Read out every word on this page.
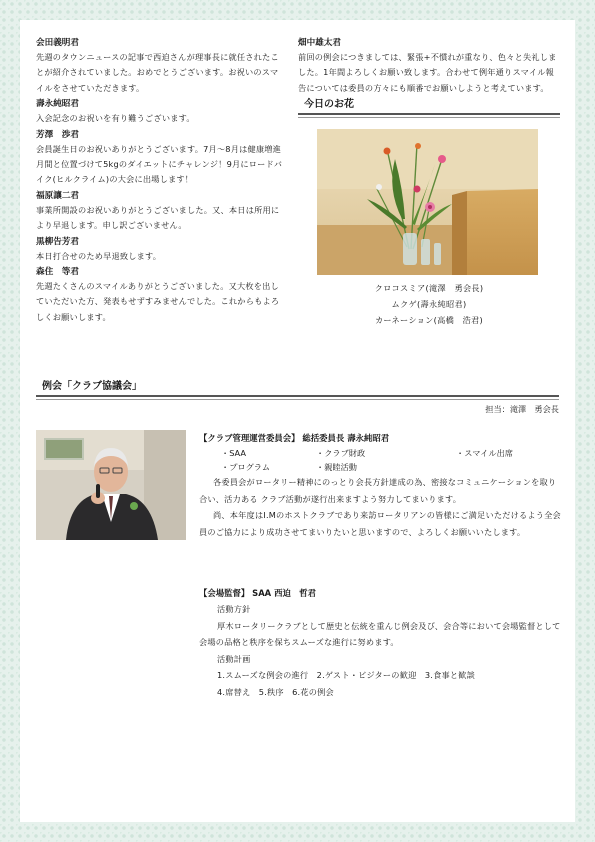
会田義明君
先週のタウンニュースの記事で西迫さんが理事長に就任されたことが紹介されていました。おめでとうございます。お祝いのスマイルをさせていただきます。
壽永純昭君
入会記念のお祝いを有り難うございます。
芳澤　渉君
会員誕生日のお祝いありがとうございます。7月～8月は健康増進月間と位置づけて5kgのダイエットにチャレンジ！9月にロードバイク(ヒルクライム)の大会に出場します！
福原讓二君
事業所開設のお祝いありがとうございました。又、本日は所用により早退します。申し訳ございません。
黒柳告芳君
本日打合せのため早退致します。
森住　等君
先週たくさんのスマイルありがとうございました。又大枚を出していただいた方、発表もせずすみませんでした。これからもよろしくお願いします。
畑中雄太君
前回の例会につきましては、緊張+不慣れが重なり、色々と失礼しました。1年間よろしくお願い致します。合わせて例年通りスマイル報告については委員の方々にも順番でお願いしようと考えています。
今日のお花
クロコスミア(滝澤　勇会長)
ムクゲ(壽永純昭君)
カーネーション(高橋　浩君)
例会「クラブ協議会」
担当：滝澤　勇会長
【クラブ管理運営委員会】 総括委員長 壽永純昭君
・SAA	・クラブ財政	・スマイル出席
・プログラム	・親睦活動
各委員会がロータリー精神にのっとり会長方針達成の為、密接なコミュニケーションを取り合い、活力ある クラブ活動が遂行出来ますよう努力してまいります。
尚、本年度はI.Mのホストクラブであり来訪ロータリアンの皆様にご満足いただけるよう全会員のご協力により成功させてまいりたいと思いますので、よろしくお願いいたします。
【会場監督】 SAA 西迫　哲君
活動方針
厚木ロータリークラブとして歴史と伝統を重んじ例会及び、会合等において会場監督として会場の品格と秩序を保ちスムーズな進行に努めます。
活動計画
1.スムーズな例会の進行　2.ゲスト・ビジターの歓迎　3.食事と歓談
4.席替え　5.秩序　6.花の例会
